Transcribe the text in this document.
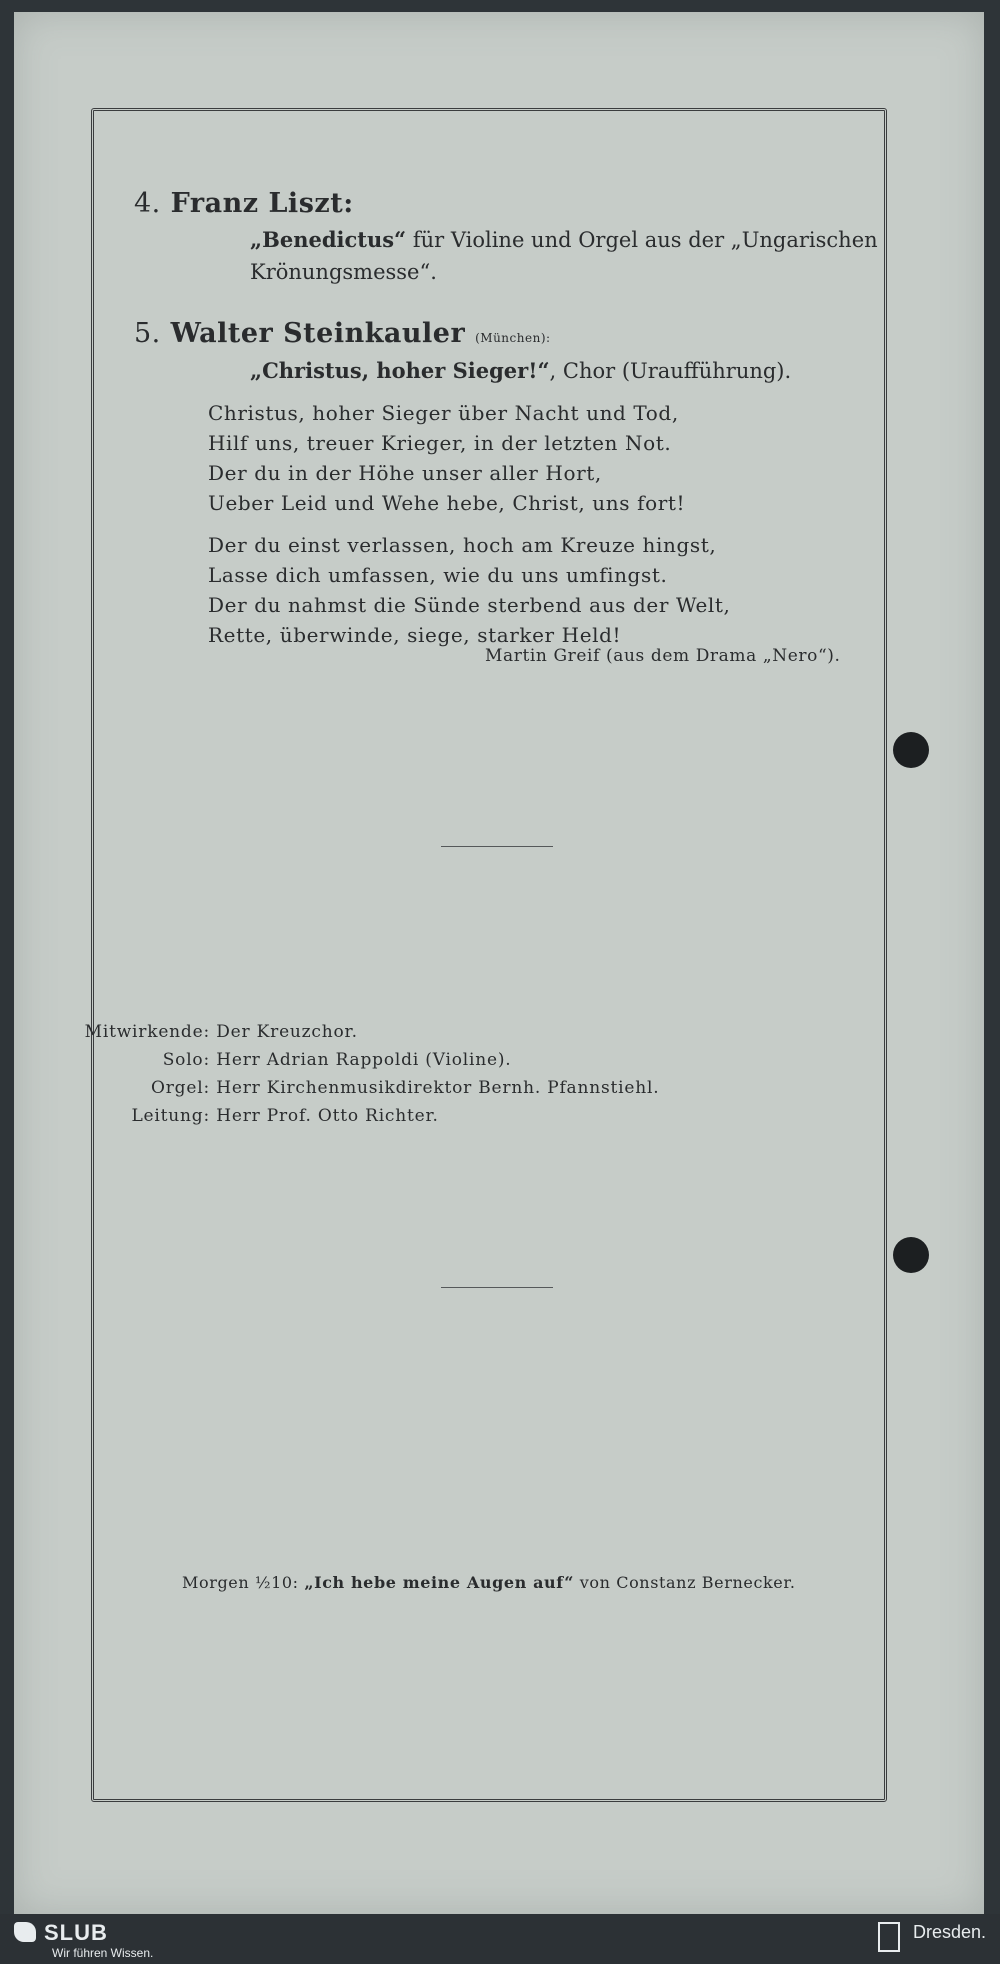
4. Franz Liszt:
„Benedictus“ für Violine und Orgel aus der „Ungarischen
Krönungsmesse“.
5. Walter Steinkauler (München):
„Christus, hoher Sieger!“, Chor (Uraufführung).
Christus, hoher Sieger über Nacht und Tod,
Hilf uns, treuer Krieger, in der letzten Not.
Der du in der Höhe unser aller Hort,
Ueber Leid und Wehe hebe, Christ, uns fort!
Der du einst verlassen, hoch am Kreuze hingst,
Lasse dich umfassen, wie du uns umfingst.
Der du nahmst die Sünde sterbend aus der Welt,
Rette, überwinde, siege, starker Held!
Martin Greif (aus dem Drama „Nero“).
Mitwirkende: Der Kreuzchor.
Solo: Herr Adrian Rappoldi (Violine).
Orgel: Herr Kirchenmusikdirektor Bernh. Pfannstiehl.
Leitung: Herr Prof. Otto Richter.
Morgen ½10: „Ich hebe meine Augen auf“ von Constanz Bernecker.
SLUB
Wir führen Wissen.
Dresden.
